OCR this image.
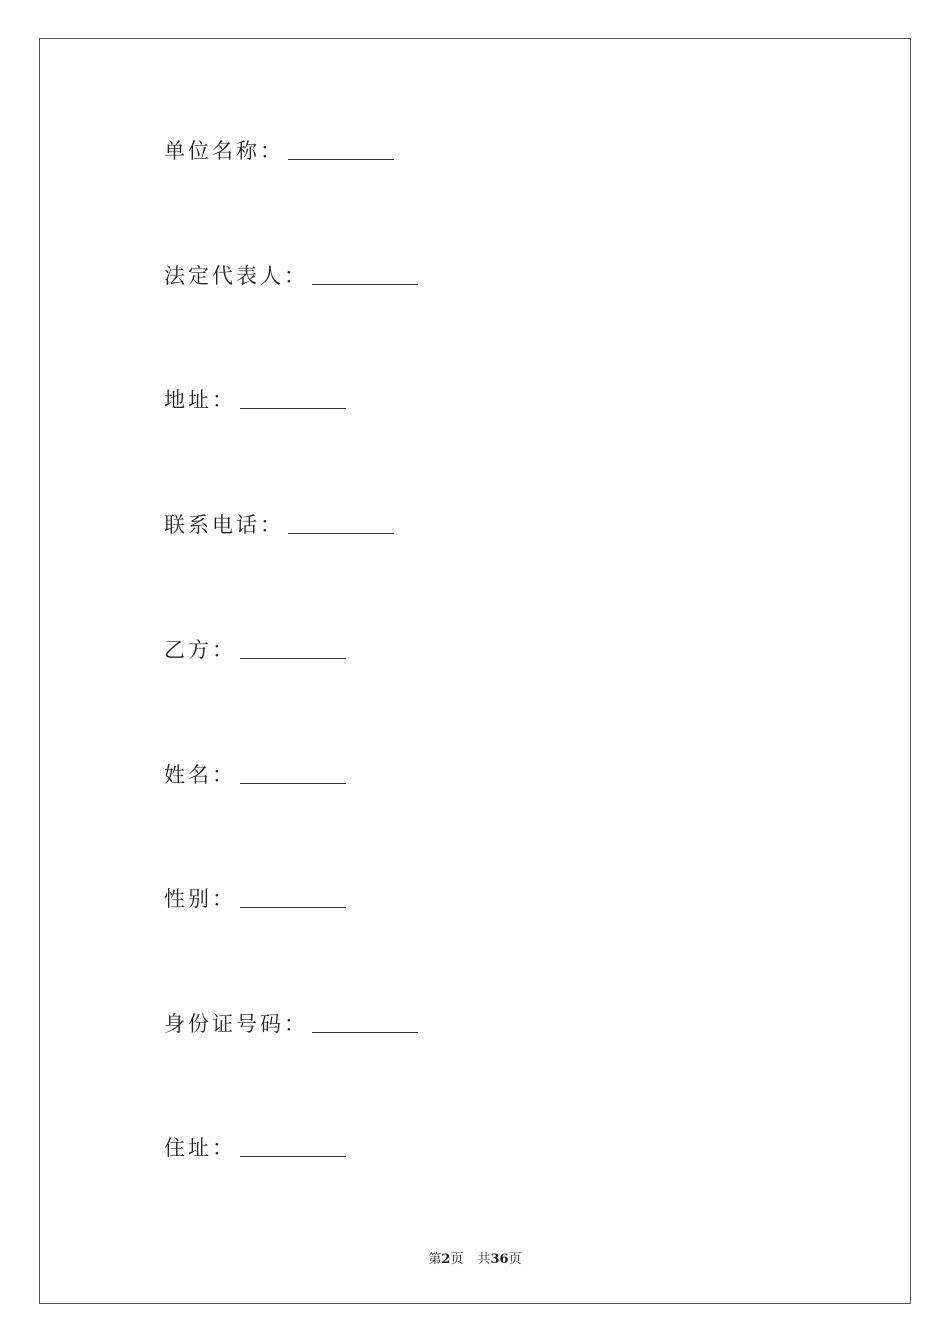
单位名称：
法定代表人：
地址：
联系电话：
乙方：
姓名：
性别：
身份证号码：
住址：
第2页 共36页
